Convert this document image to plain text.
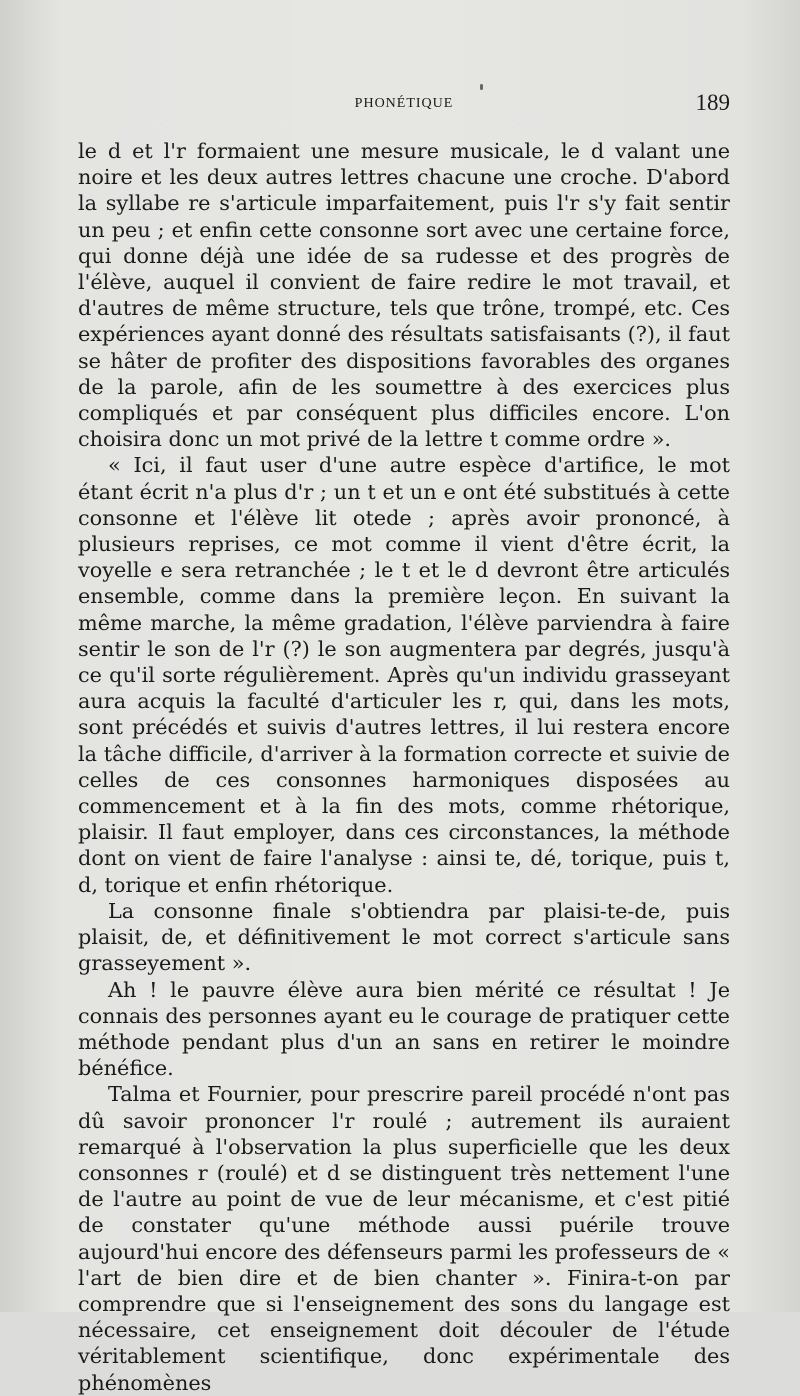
PHONÉTIQUE	189

le d et l'r formaient une mesure musicale, le d valant une noire et les deux autres lettres chacune une croche. D'abord la syllabe re s'articule imparfaitement, puis l'r s'y fait sentir un peu ; et enfin cette consonne sort avec une certaine force, qui donne déjà une idée de sa rudesse et des progrès de l'élève, auquel il convient de faire redire le mot travail, et d'autres de même structure, tels que trône, trompé, etc. Ces expériences ayant donné des résultats satisfaisants (?), il faut se hâter de profiter des dispositions favorables des organes de la parole, afin de les soumettre à des exercices plus compliqués et par conséquent plus difficiles encore. L'on choisira donc un mot privé de la lettre t comme ordre ».

« Ici, il faut user d'une autre espèce d'artifice, le mot étant écrit n'a plus d'r ; un t et un e ont été substitués à cette consonne et l'élève lit otede ; après avoir prononcé, à plusieurs reprises, ce mot comme il vient d'être écrit, la voyelle e sera retranchée ; le t et le d devront être articulés ensemble, comme dans la première leçon. En suivant la même marche, la même gradation, l'élève parviendra à faire sentir le son de l'r (?) le son augmentera par degrés, jusqu'à ce qu'il sorte régulièrement. Après qu'un individu grasseyant aura acquis la faculté d'articuler les r, qui, dans les mots, sont précédés et suivis d'autres lettres, il lui restera encore la tâche difficile, d'arriver à la formation correcte et suivie de celles de ces consonnes harmoniques disposées au commencement et à la fin des mots, comme rhétorique, plaisir. Il faut employer, dans ces circonstances, la méthode dont on vient de faire l'analyse : ainsi te, dé, torique, puis t, d, torique et enfin rhétorique.

La consonne finale s'obtiendra par plaisi-te-de, puis plaisit, de, et définitivement le mot correct s'articule sans grasseyement ».

Ah ! le pauvre élève aura bien mérité ce résultat ! Je connais des personnes ayant eu le courage de pratiquer cette méthode pendant plus d'un an sans en retirer le moindre bénéfice.

Talma et Fournier, pour prescrire pareil procédé n'ont pas dû savoir prononcer l'r roulé ; autrement ils auraient remarqué à l'observation la plus superficielle que les deux consonnes r (roulé) et d se distinguent très nettement l'une de l'autre au point de vue de leur mécanisme, et c'est pitié de constater qu'une méthode aussi puérile trouve aujourd'hui encore des défenseurs parmi les professeurs de « l'art de bien dire et de bien chanter ». Finira-t-on par comprendre que si l'enseignement des sons du langage est nécessaire, cet enseignement doit découler de l'étude véritablement scientifique, donc expérimentale des phénomènes
